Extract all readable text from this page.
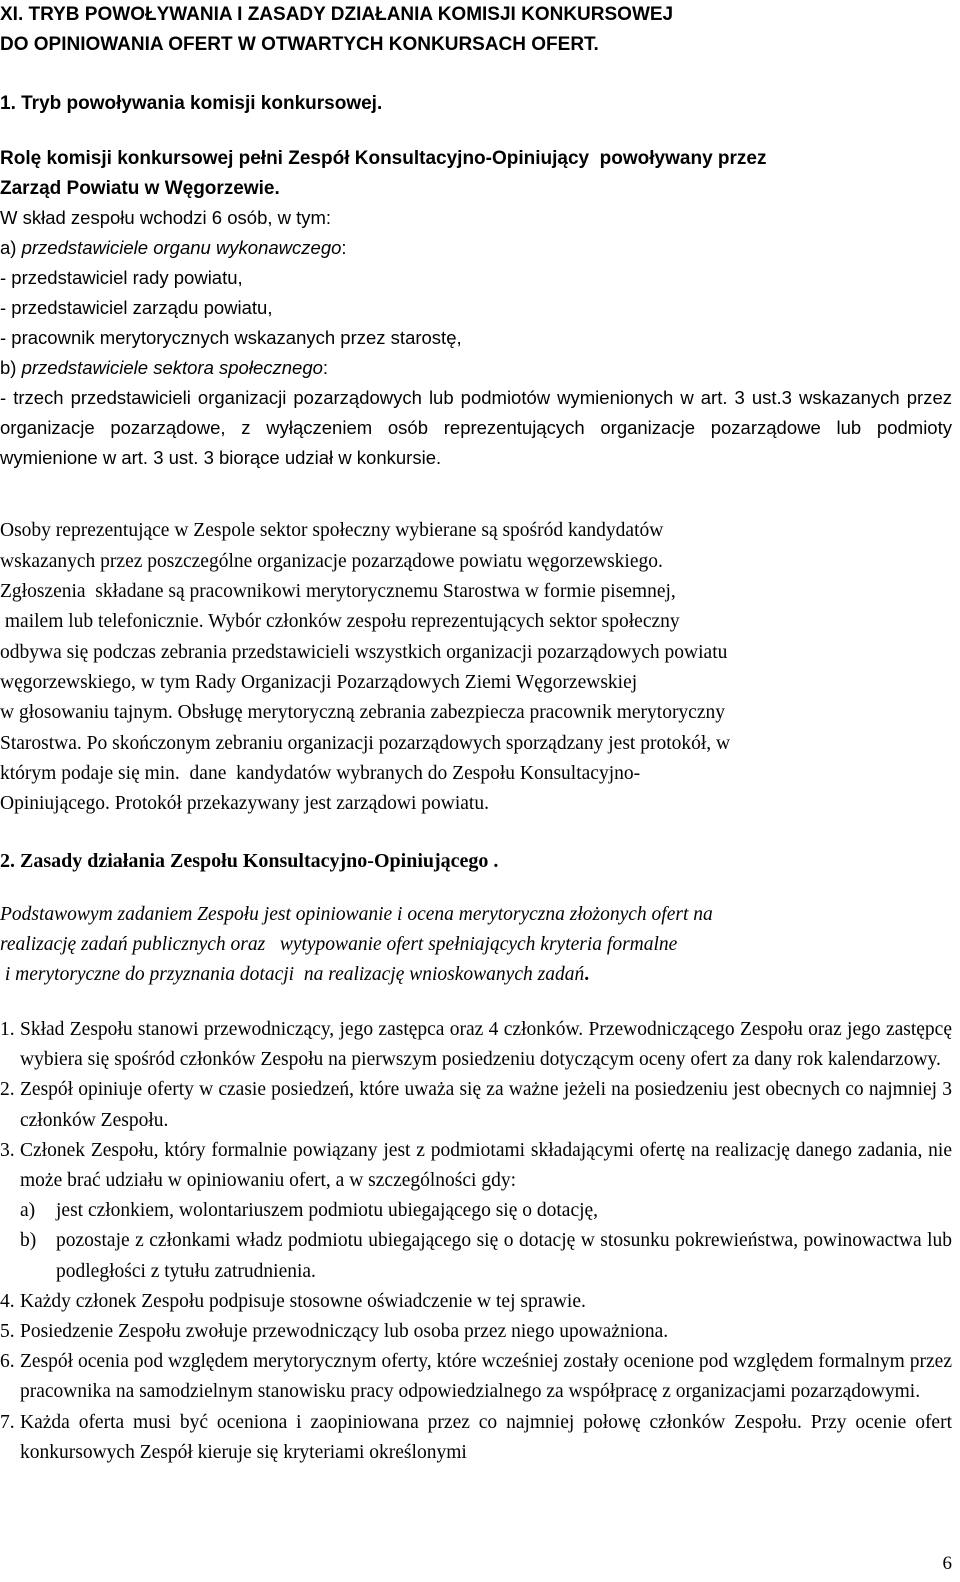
XI. TRYB POWOŁYWANIA I ZASADY DZIAŁANIA KOMISJI KONKURSOWEJ

DO OPINIOWANIA OFERT W OTWARTYCH KONKURSACH OFERT.

1. Tryb powoływania komisji konkursowej.

Rolę komisji konkursowej pełni Zespół Konsultacyjno-Opiniujący  powoływany przez

Zarząd Powiatu w Węgorzewie.

W skład zespołu wchodzi 6 osób, w tym:

a) przedstawiciele organu wykonawczego:

- przedstawiciel rady powiatu,

- przedstawiciel zarządu powiatu,

- pracownik merytorycznych wskazanych przez starostę,

b) przedstawiciele sektora społecznego:

- trzech przedstawicieli organizacji pozarządowych lub podmiotów wymienionych w art. 3 ust.3 wskazanych przez organizacje pozarządowe, z wyłączeniem osób reprezentujących organizacje pozarządowe lub podmioty wymienione w art. 3 ust. 3 biorące udział w konkursie.

Osoby reprezentujące w Zespole sektor społeczny wybierane są spośród kandydatów

wskazanych przez poszczególne organizacje pozarządowe powiatu węgorzewskiego.

Zgłoszenia  składane są pracownikowi merytorycznemu Starostwa w formie pisemnej,

mailem lub telefonicznie. Wybór członków zespołu reprezentujących sektor społeczny

odbywa się podczas zebrania przedstawicieli wszystkich organizacji pozarządowych powiatu

węgorzewskiego, w tym Rady Organizacji Pozarządowych Ziemi Węgorzewskiej

w głosowaniu tajnym. Obsługę merytoryczną zebrania zabezpiecza pracownik merytoryczny

Starostwa. Po skończonym zebraniu organizacji pozarządowych sporządzany jest protokół, w

którym podaje się min.  dane  kandydatów wybranych do Zespołu Konsultacyjno-

Opiniującego. Protokół przekazywany jest zarządowi powiatu.

2. Zasady działania Zespołu Konsultacyjno-Opiniującego .

Podstawowym zadaniem Zespołu jest opiniowanie i ocena merytoryczna złożonych ofert na

realizację zadań publicznych oraz   wytypowanie ofert spełniających kryteria formalne

i merytoryczne do przyznania dotacji  na realizację wnioskowanych zadań.

1. Skład Zespołu stanowi przewodniczący, jego zastępca oraz 4 członków. Przewodniczącego Zespołu oraz jego zastępcę wybiera się spośród członków Zespołu na pierwszym posiedzeniu dotyczącym oceny ofert za dany rok kalendarzowy.
2. Zespół opiniuje oferty w czasie posiedzeń, które uważa się za ważne jeżeli na posiedzeniu jest obecnych co najmniej 3 członków Zespołu.
3. Członek Zespołu, który formalnie powiązany jest z podmiotami składającymi ofertę na realizację danego zadania, nie może brać udziału w opiniowaniu ofert, a w szczególności gdy:
a) jest członkiem, wolontariuszem podmiotu ubiegającego się o dotację,
b) pozostaje z członkami władz podmiotu ubiegającego się o dotację w stosunku pokrewieństwa, powinowactwa lub podległości z tytułu zatrudnienia.
4. Każdy członek Zespołu podpisuje stosowne oświadczenie w tej sprawie.
5. Posiedzenie Zespołu zwołuje przewodniczący lub osoba przez niego upoważniona.
6. Zespół ocenia pod względem merytorycznym oferty, które wcześniej zostały ocenione pod względem formalnym przez pracownika na samodzielnym stanowisku pracy odpowiedzialnego za współpracę z organizacjami pozarządowymi.
7. Każda oferta musi być oceniona i zaopiniowana przez co najmniej połowę członków Zespołu. Przy ocenie ofert konkursowych Zespół kieruje się kryteriami określonymi
6
